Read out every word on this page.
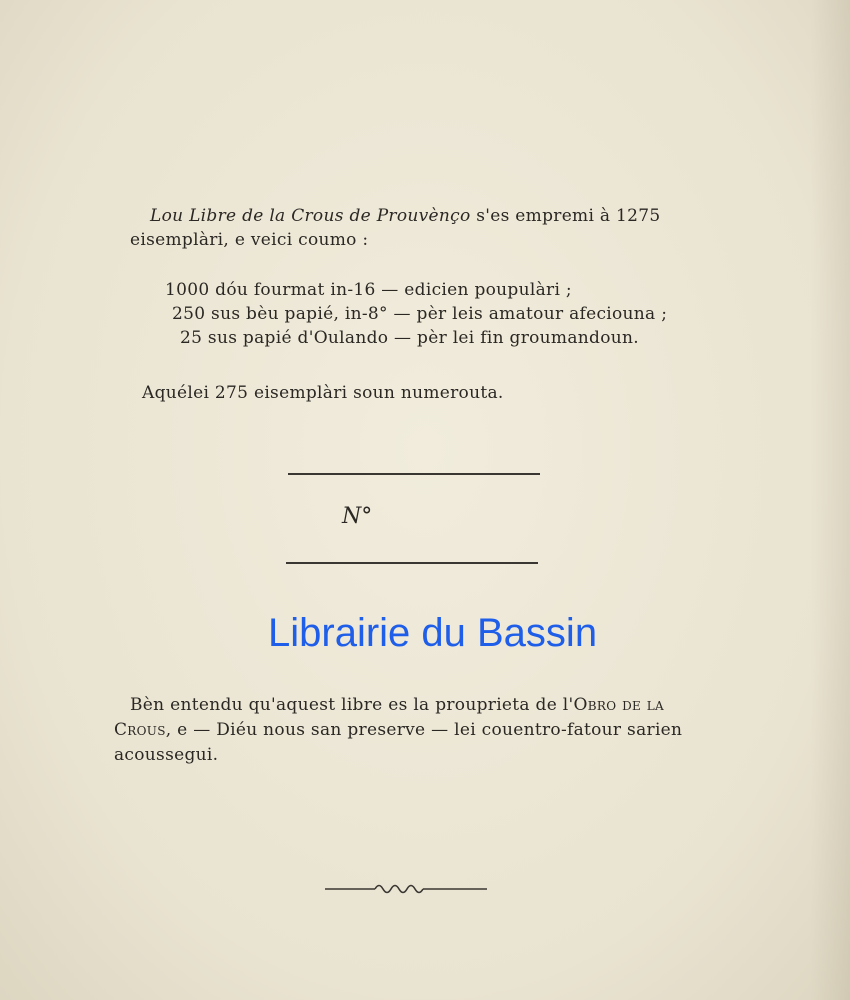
Lou Libre de la Crous de Prouvènço s'es empremi à 1275
eisemplàri, e veici coumo :
1000 dóu fourmat in-16 — edicien poupulàri ;
250 sus bèu papié, in-8° — pèr leis amatour afeciouna ;
25 sus papié d'Oulando — pèr lei fin groumandoun.
Aquélei 275 eisemplàri soun numerouta.
N°
Librairie du Bassin
Bèn entendu qu'aquest libre es la prouprieta de l'Obro de la
Crous, e — Diéu nous san preserve — lei couentro-fatour sarien
acoussegui.
